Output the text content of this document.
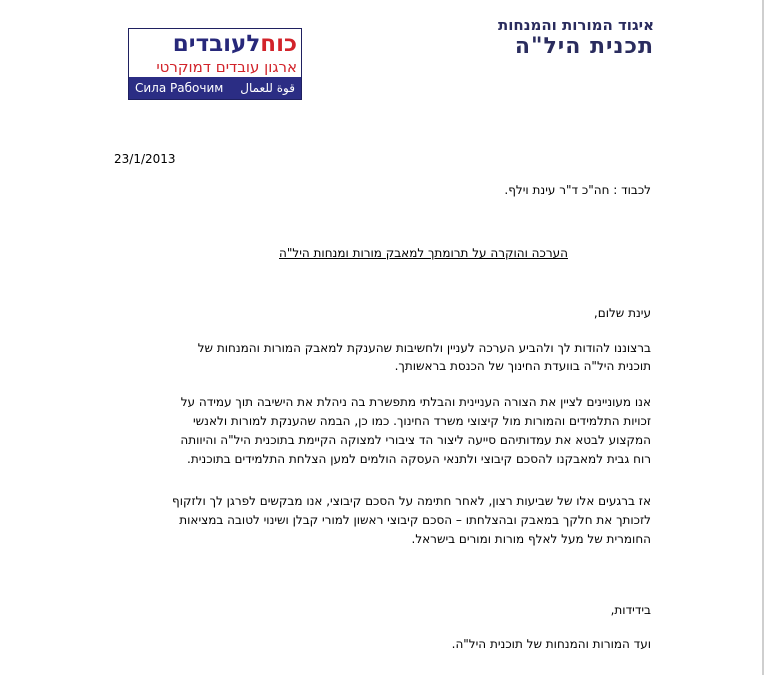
כוחלעובדים
ארגון עובדים דמוקרטי
قوة للعمال
Сила Рабочим
איגוד המורות והמנחות
תכנית היל"ה
23/1/2013
לכבוד : חה"כ ד"ר עינת וילף.
הערכה והוקרה על תרומתך למאבק מורות ומנחות היל"ה
עינת שלום,
ברצוננו להודות לך ולהביע הערכה לעניין ולחשיבות שהענקת למאבק המורות והמנחות של
תוכנית היל"ה בוועדת החינוך של הכנסת בראשותך.
אנו מעוניינים לציין את הצורה העניינית והבלתי מתפשרת בה ניהלת את הישיבה תוך עמידה על
זכויות התלמידים והמורות מול קיצוצי משרד החינוך. כמו כן, הבמה שהענקת למורות ולאנשי
המקצוע לבטא את עמדותיהם סייעה ליצור הד ציבורי למצוקה הקיימת בתוכנית היל"ה והיוותה
רוח גבית למאבקנו להסכם קיבוצי ולתנאי העסקה הולמים למען הצלחת התלמידים בתוכנית.
אז ברגעים אלו של שביעות רצון, לאחר חתימה על הסכם קיבוצי, אנו מבקשים לפרגן לך ולזקוף
לזכותך את חלקך במאבק ובהצלחתו – הסכם קיבוצי ראשון למורי קבלן ושינוי לטובה במציאות
החומרית של מעל לאלף מורות ומורים בישראל.
בידידות,
ועד המורות והמנחות של תוכנית היל"ה.
